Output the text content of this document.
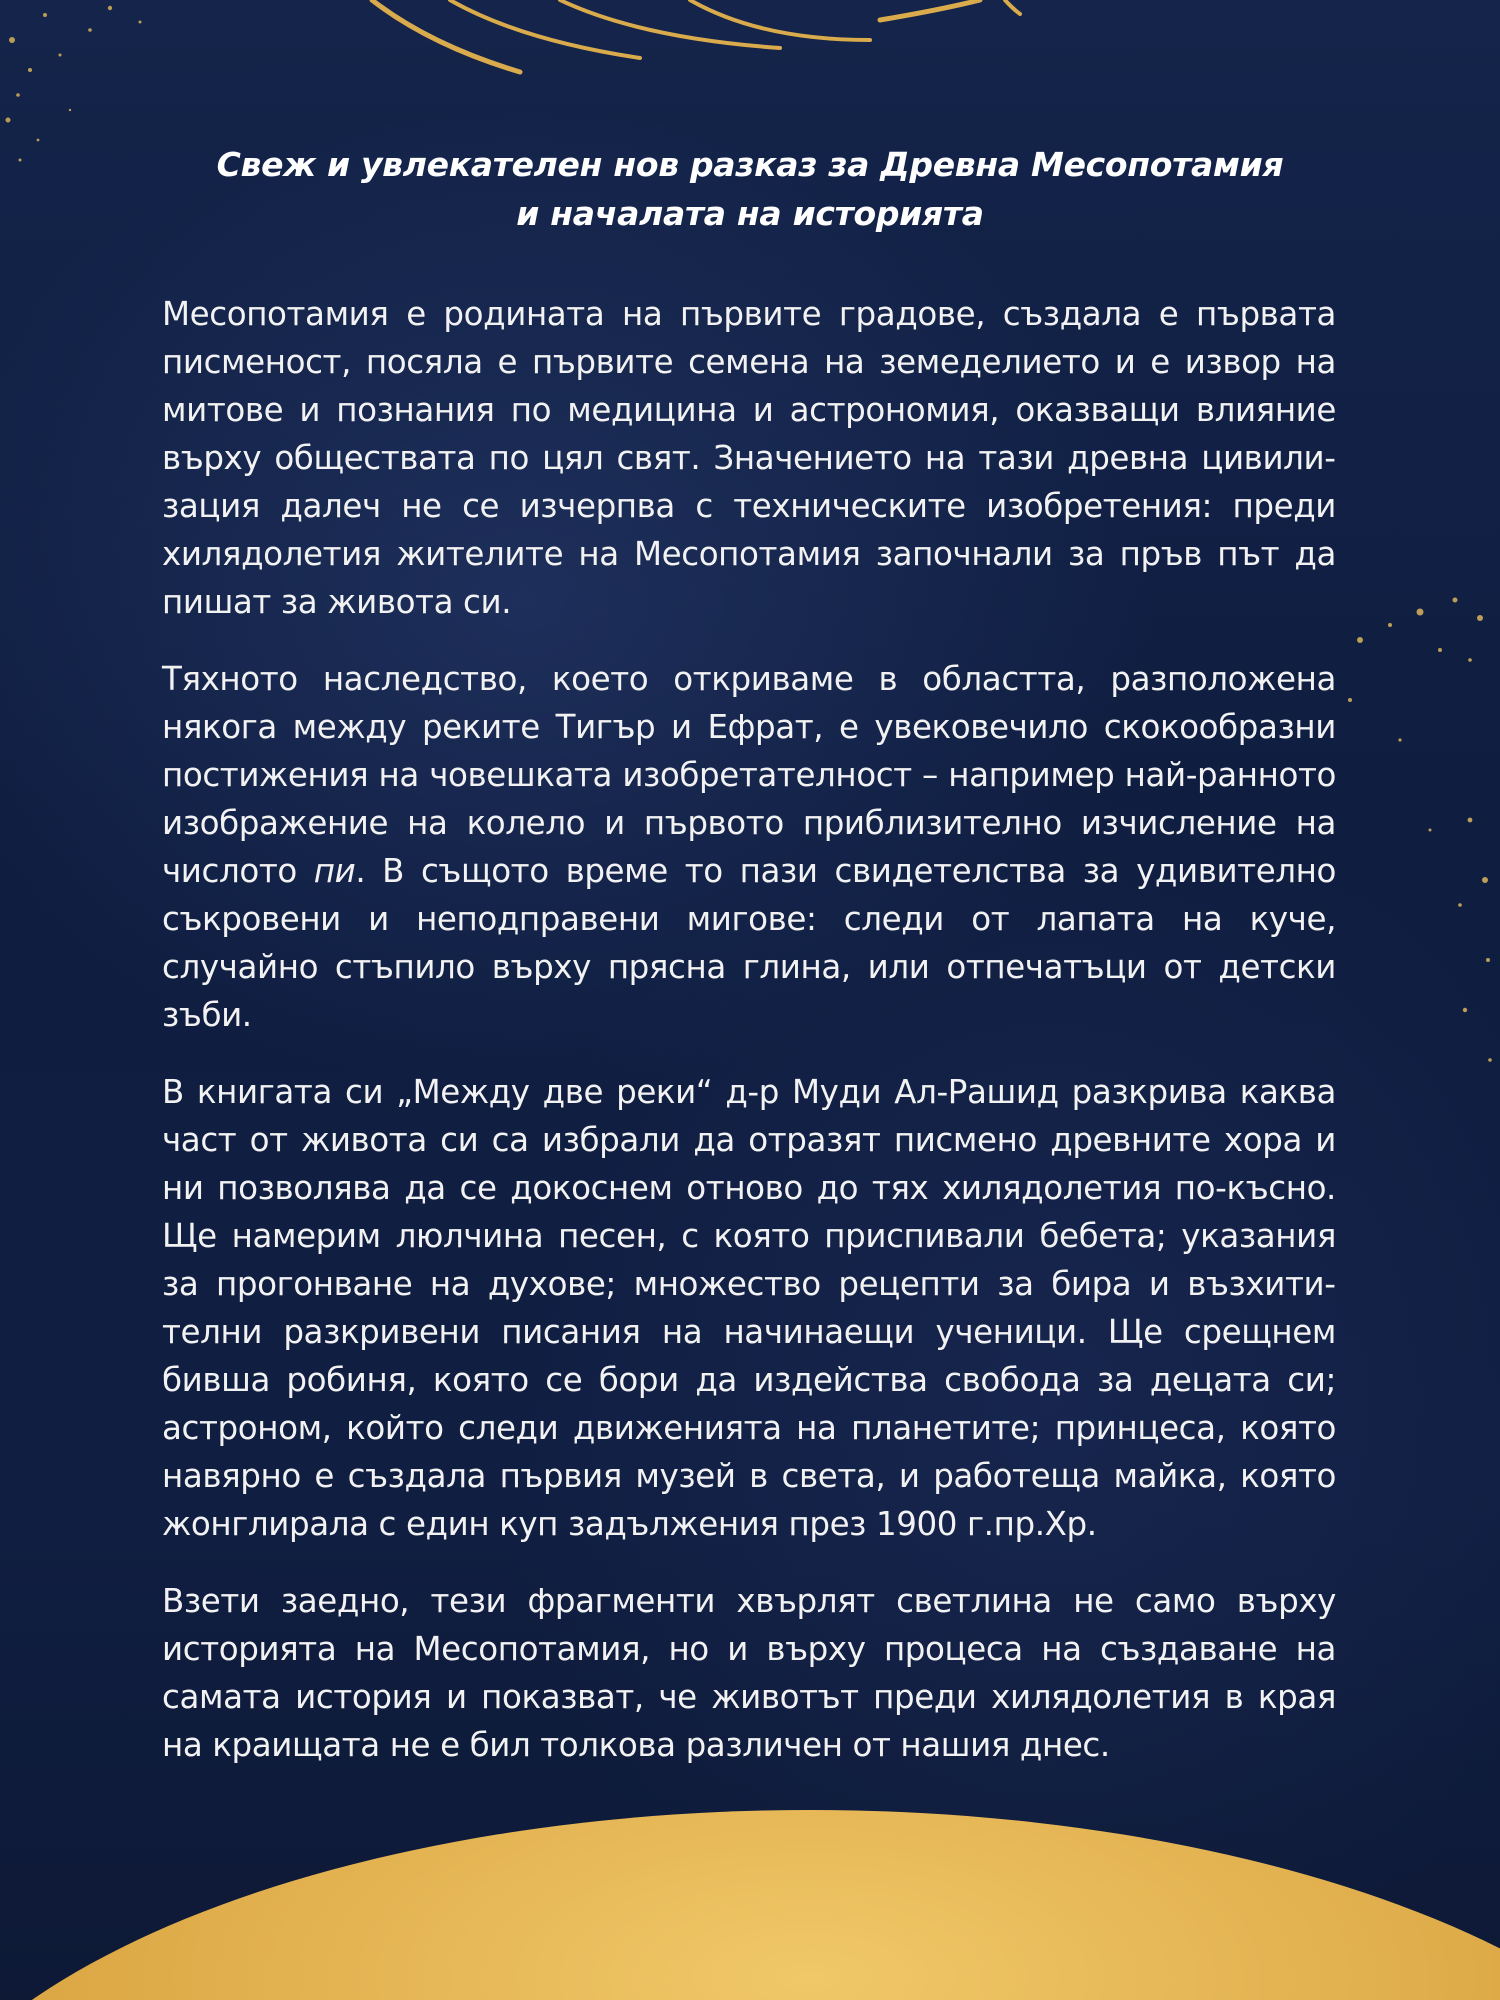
Свеж и увлекателен нов разказ за Древна Месопотамия
и началата на историята

Месопотамия е родината на първите градове, създала е първата писменост, посяла е първите семена на земеделието и е извор на митове и познания по медицина и астрономия, оказващи влияние върху обществата по цял свят. Значението на тази древна цивилизация далеч не се изчерпва с техническите изобретения: преди хилядолетия жителите на Месопотамия започнали за пръв път да пишат за живота си.

Тяхното наследство, което откриваме в областта, разположена някога между реките Тигър и Ефрат, е увековечило скокообразни постижения на човешката изобретателност – например най-ранното изображение на колело и първото приблизително изчисление на числото пи. В същото време то пази свидетелства за удивително съкровени и неподправени мигове: следи от лапата на куче, случайно стъпило върху прясна глина, или отпечатъци от детски зъби.

В книгата си „Между две реки“ д-р Муди Ал-Рашид разкрива каква част от живота си са избрали да отразят писмено древните хора и ни позволява да се докоснем отново до тях хилядолетия по-късно. Ще намерим люлчина песен, с която приспивали бебета; указания за прогонване на духове; множество рецепти за бира и възхитителни разкривени писания на начинаещи ученици. Ще срещнем бивша робиня, която се бори да издейства свобода за децата си; астроном, който следи движенията на планетите; принцеса, която навярно е създала първия музей в света, и работеща майка, която жонглирала с един куп задължения през 1900 г.пр.Хр.

Взети заедно, тези фрагменти хвърлят светлина не само върху историята на Месопотамия, но и върху процеса на създаване на самата история и показват, че животът преди хилядолетия в края на краищата не е бил толкова различен от нашия днес.
